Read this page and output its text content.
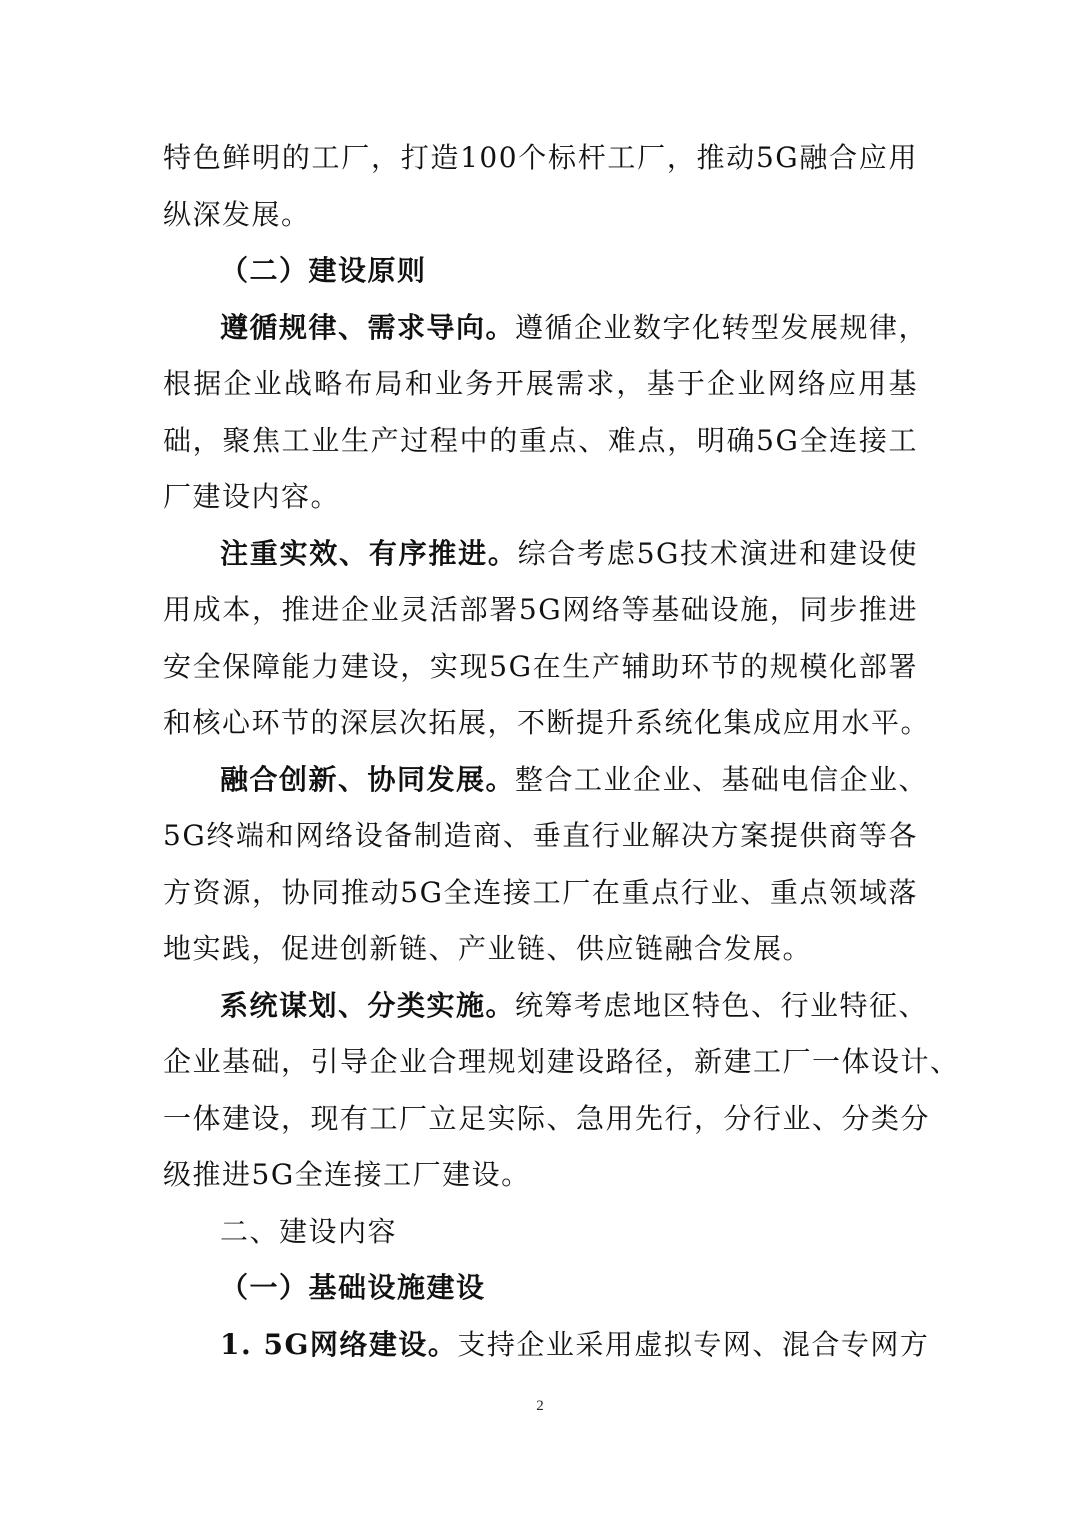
特色鲜明的工厂，打造100个标杆工厂，推动5G融合应用
纵深发展。
（二）建设原则
遵循规律、需求导向。遵循企业数字化转型发展规律，
根据企业战略布局和业务开展需求，基于企业网络应用基
础，聚焦工业生产过程中的重点、难点，明确5G全连接工
厂建设内容。
注重实效、有序推进。综合考虑5G技术演进和建设使
用成本，推进企业灵活部署5G网络等基础设施，同步推进
安全保障能力建设，实现5G在生产辅助环节的规模化部署
和核心环节的深层次拓展，不断提升系统化集成应用水平。
融合创新、协同发展。整合工业企业、基础电信企业、
5G终端和网络设备制造商、垂直行业解决方案提供商等各
方资源，协同推动5G全连接工厂在重点行业、重点领域落
地实践，促进创新链、产业链、供应链融合发展。
系统谋划、分类实施。统筹考虑地区特色、行业特征、
企业基础，引导企业合理规划建设路径，新建工厂一体设计、
一体建设，现有工厂立足实际、急用先行，分行业、分类分
级推进5G全连接工厂建设。
二、建设内容
（一）基础设施建设
1. 5G网络建设。支持企业采用虚拟专网、混合专网方
2
